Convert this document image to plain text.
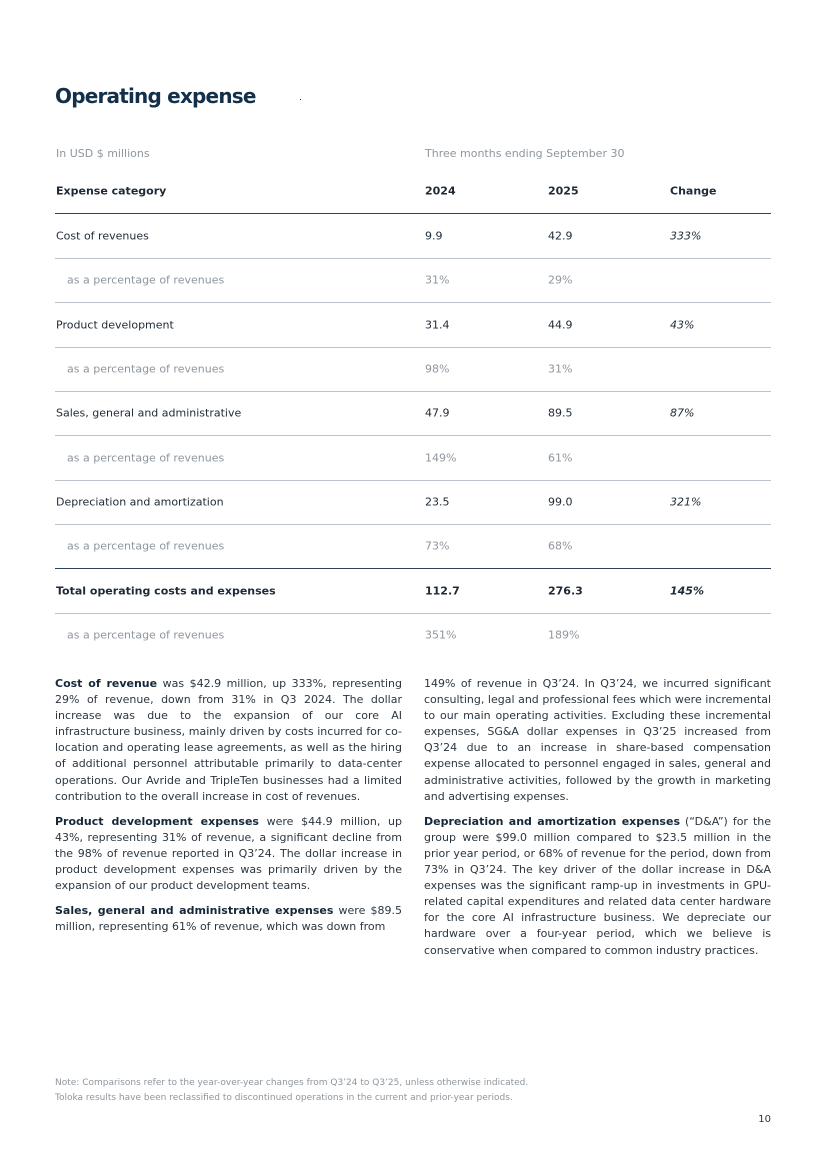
Operating expense
In USD $ millions	Three months ending September 30
Expense category	2024	2025	Change
Cost of revenues	9.9	42.9	333%
as a percentage of revenues	31%	29%
Product development	31.4	44.9	43%
as a percentage of revenues	98%	31%
Sales, general and administrative	47.9	89.5	87%
as a percentage of revenues	149%	61%
Depreciation and amortization	23.5	99.0	321%
as a percentage of revenues	73%	68%
Total operating costs and expenses	112.7	276.3	145%
as a percentage of revenues	351%	189%

Cost of revenue was $42.9 million, up 333%, representing 29% of revenue, down from 31% in Q3 2024. The dollar increase was due to the expansion of our core AI infrastructure business, mainly driven by costs incurred for co-location and operating lease agreements, as well as the hiring of additional personnel attributable primarily to data-center operations. Our Avride and TripleTen businesses had a limited contribution to the overall increase in cost of revenues.

Product development expenses were $44.9 million, up 43%, representing 31% of revenue, a significant decline from the 98% of revenue reported in Q3’24. The dollar increase in product development expenses was primarily driven by the expansion of our product development teams.

Sales, general and administrative expenses were $89.5 million, representing 61% of revenue, which was down from

149% of revenue in Q3’24. In Q3’24, we incurred significant consulting, legal and professional fees which were incremental to our main operating activities. Excluding these incremental expenses, SG&A dollar expenses in Q3’25 increased from Q3’24 due to an increase in share-based compensation expense allocated to personnel engaged in sales, general and administrative activities, followed by the growth in marketing and advertising expenses.

Depreciation and amortization expenses (“D&A”) for the group were $99.0 million compared to $23.5 million in the prior year period, or 68% of revenue for the period, down from 73% in Q3’24. The key driver of the dollar increase in D&A expenses was the significant ramp-up in investments in GPU-related capital expenditures and related data center hardware for the core AI infrastructure business. We depreciate our hardware over a four-year period, which we believe is conservative when compared to common industry practices.

Note: Comparisons refer to the year-over-year changes from Q3’24 to Q3’25, unless otherwise indicated.
Toloka results have been reclassified to discontinued operations in the current and prior-year periods.
10
